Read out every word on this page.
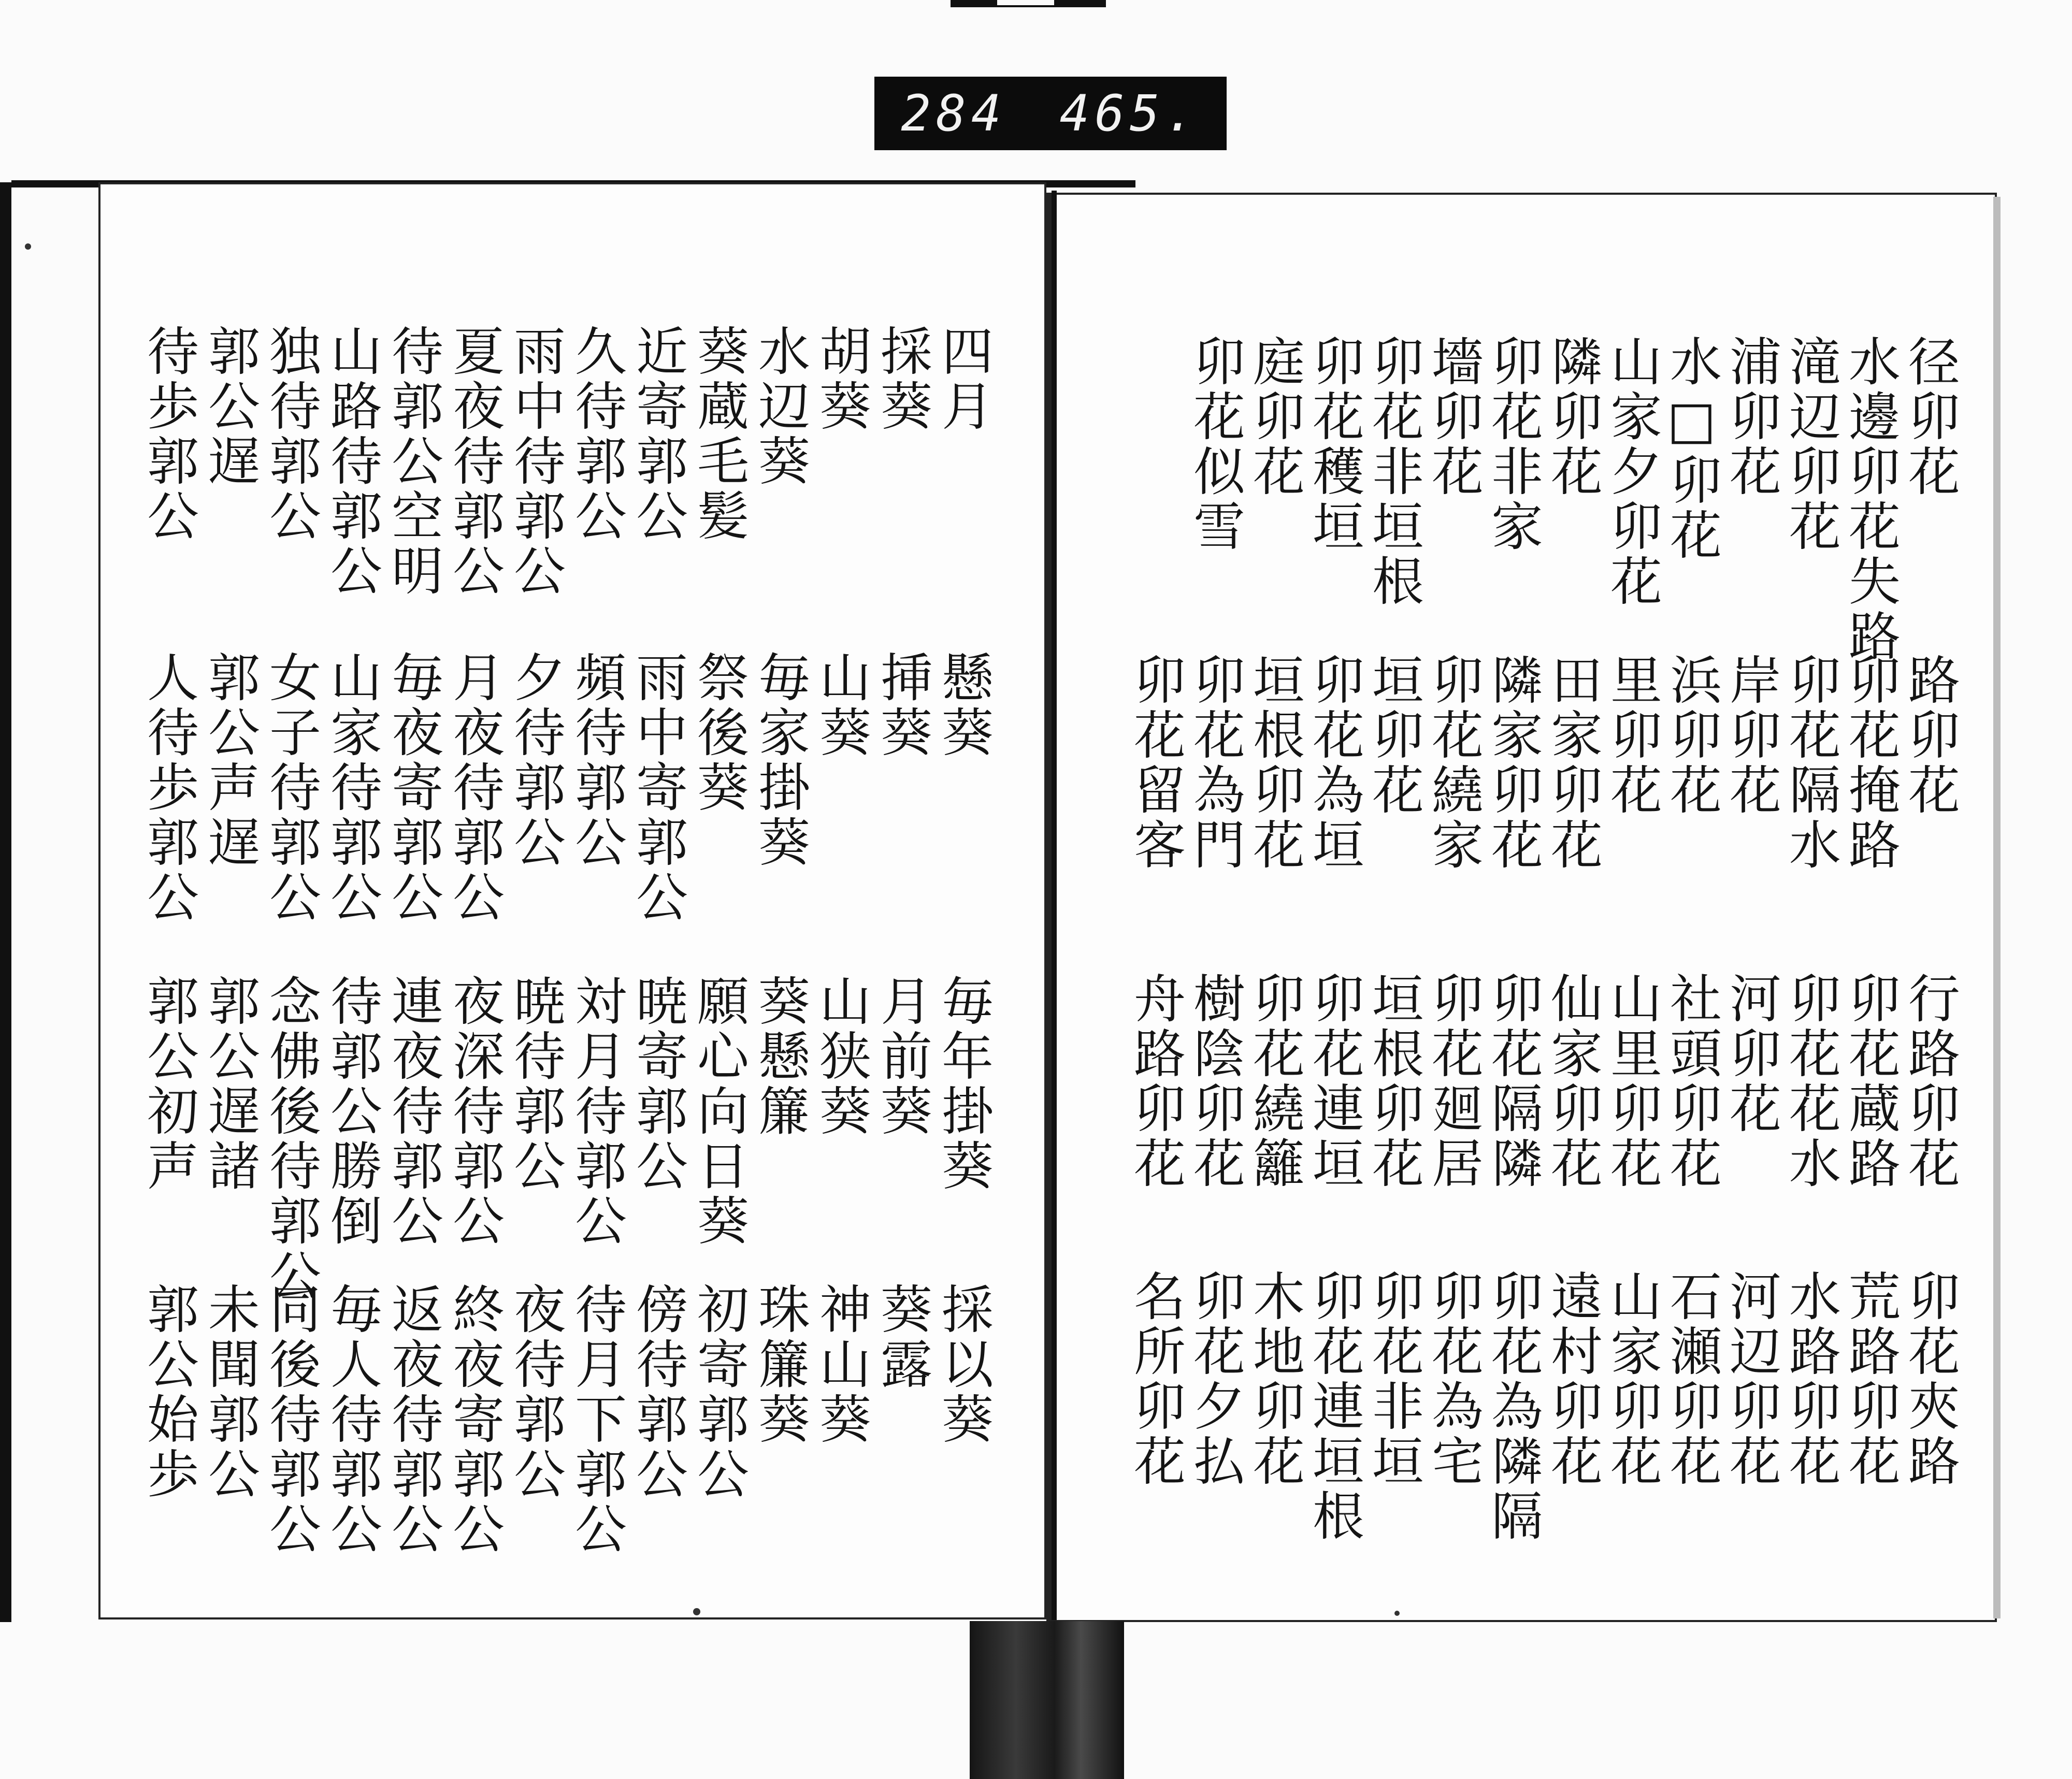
284 465.
四月
採葵
胡葵
水辺葵
葵蔵毛髪
近寄郭公
久待郭公
雨中待郭公
夏夜待郭公
待郭公空明
山路待郭公
独待郭公
郭公遅
待歩郭公
懸葵
挿葵
山葵
毎家掛葵
祭後葵
雨中寄郭公
頻待郭公
夕待郭公
月夜待郭公
毎夜寄郭公
山家待郭公
女子待郭公
郭公声遅
人待歩郭公
毎年掛葵
月前葵
山狭葵
葵懸簾
願心向日葵
暁寄郭公
対月待郭公
暁待郭公
夜深待郭公
連夜待郭公
待郭公勝倒
念佛後待郭公
郭公遅諸
郭公初声
採以葵
葵露
神山葵
珠簾葵
初寄郭公
傍待郭公
待月下郭公
夜待郭公
終夜寄郭公
返夜待郭公
毎人待郭公
同後待郭公
未聞郭公
郭公始歩
径卯花
水邊卯花失路
滝辺卯花
浦卯花
水□卯花
山家夕卯花
隣卯花
卯花非家
墻卯花
卯花非垣根
卯花穫垣
庭卯花
卯花似雪
路卯花
卯花掩路
卯花隔水
岸卯花
浜卯花
里卯花
田家卯花
隣家卯花
卯花繞家
垣卯花
卯花為垣
垣根卯花
卯花為門
卯花留客
行路卯花
卯花蔵路
卯花花水
河卯花
社頭卯花
山里卯花
仙家卯花
卯花隔隣
卯花廻居
垣根卯花
卯花連垣
卯花繞籬
樹陰卯花
舟路卯花
卯花夾路
荒路卯花
水路卯花
河辺卯花
石瀬卯花
山家卯花
遠村卯花
卯花為隣隔
卯花為宅
卯花非垣
卯花連垣根
木地卯花
卯花夕払
名所卯花
